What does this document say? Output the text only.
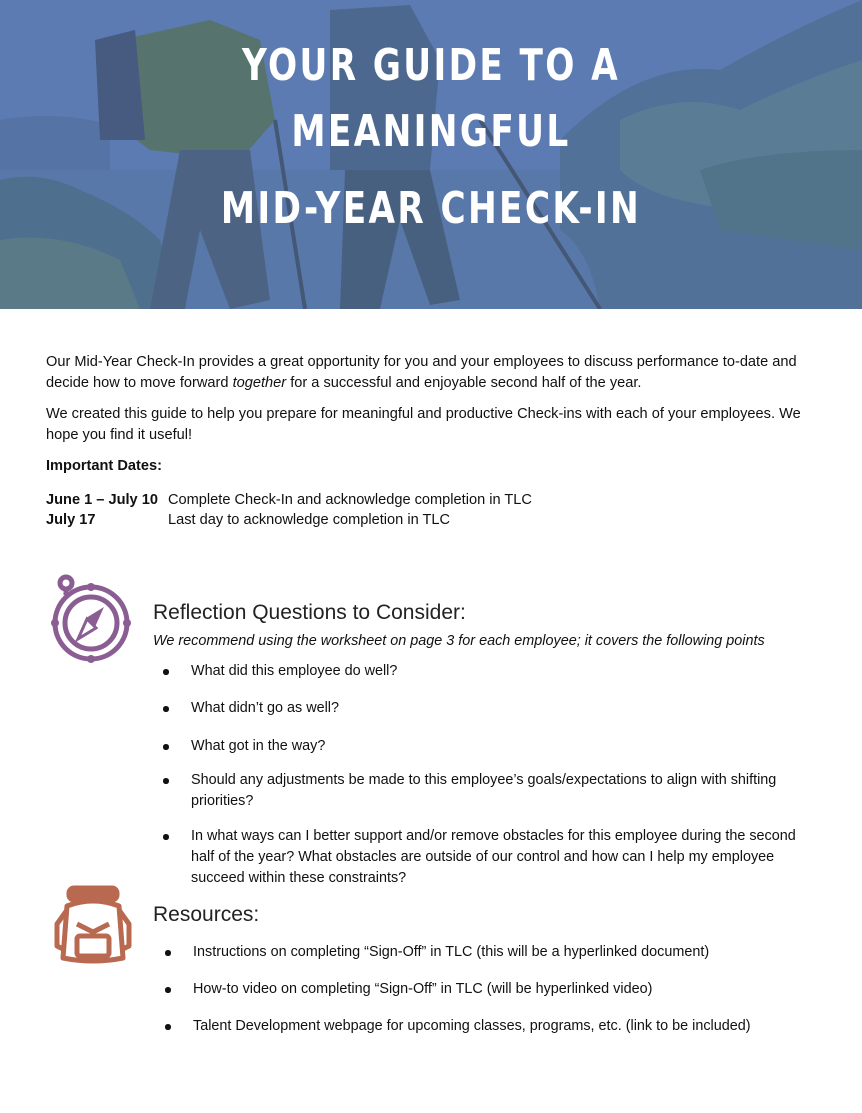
YOUR GUIDE TO A
MEANINGFUL
MID-YEAR CHECK-IN

Our Mid-Year Check-In provides a great opportunity for you and your employees to discuss performance to-date and decide how to move forward together for a successful and enjoyable second half of the year.

We created this guide to help you prepare for meaningful and productive Check-ins with each of your employees. We hope you find it useful!

Important Dates:
June 1 – July 10 Complete Check-In and acknowledge completion in TLC
July 17	Last day to acknowledge completion in TLC
Reflection Questions to Consider:
We recommend using the worksheet on page 3 for each employee; it covers the following points
What did this employee do well?
What didn’t go as well?
What got in the way?
Should any adjustments be made to this employee’s goals/expectations to align with shifting priorities?
In what ways can I better support and/or remove obstacles for this employee during the second half of the year? What obstacles are outside of our control and how can I help my employee succeed within these constraints?
Resources:
Instructions on completing “Sign-Off” in TLC (this will be a hyperlinked document)
How-to video on completing “Sign-Off” in TLC (will be hyperlinked video)
Talent Development webpage for upcoming classes, programs, etc. (link to be included)
